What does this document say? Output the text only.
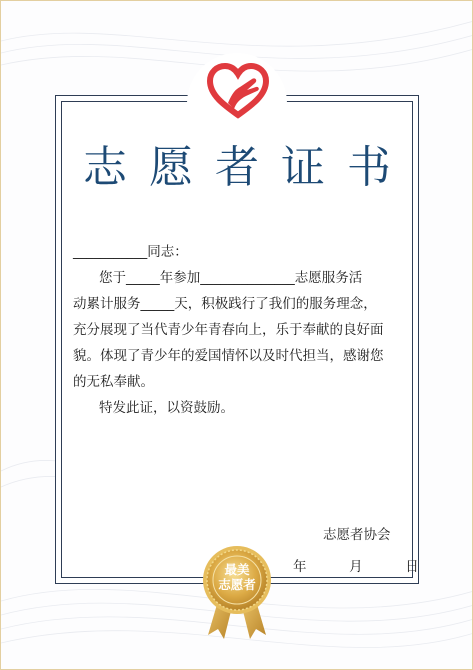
志愿者证书

___________同志：

您于_____年参加______________志愿服务活

动累计服务_____天，积极践行了我们的服务理念，

充分展现了当代青少年青春向上，乐于奉献的良好面

貌。体现了青少年的爱国情怀以及时代担当，感谢您

的无私奉献。

特发此证，以资鼓励。

志愿者协会
年	月	日
最美
志愿者
